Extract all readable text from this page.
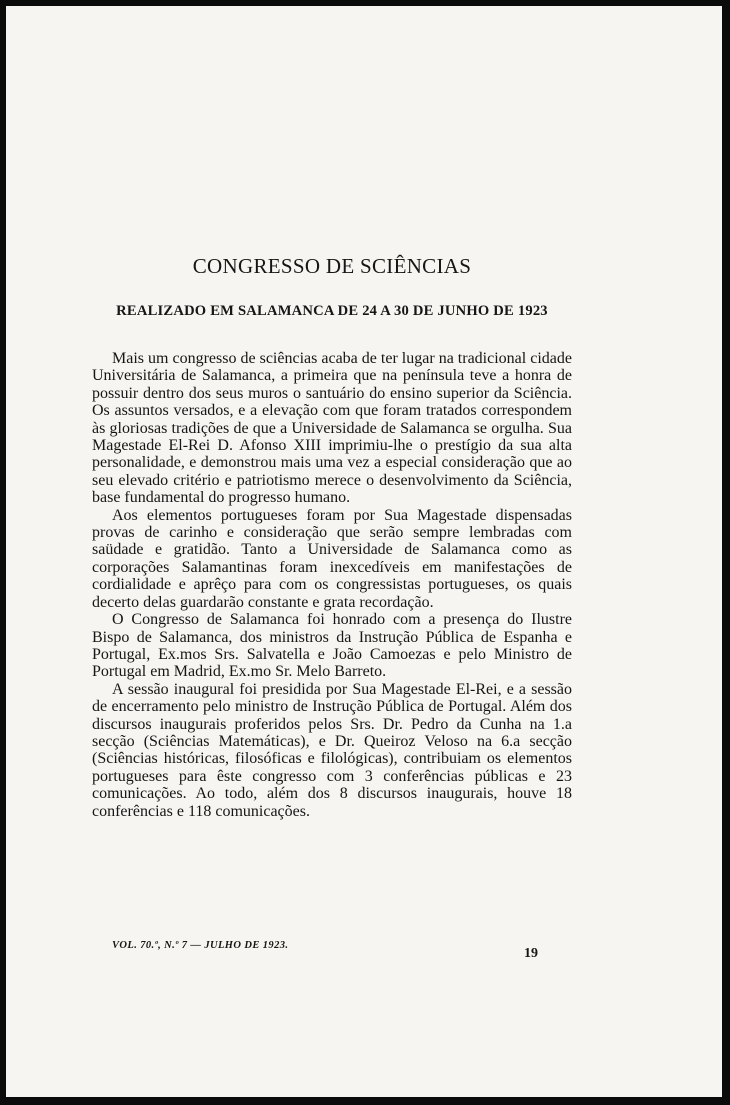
CONGRESSO DE SCIÊNCIAS
REALIZADO EM SALAMANCA DE 24 A 30 DE JUNHO DE 1923

Mais um congresso de sciências acaba de ter lugar na tradicional cidade Universitária de Salamanca, a primeira que na península teve a honra de possuir dentro dos seus muros o santuário do ensino superior da Sciência. Os assuntos versados, e a elevação com que foram tratados correspondem às gloriosas tradições de que a Universidade de Salamanca se orgulha. Sua Magestade El-Rei D. Afonso XIII imprimiu-lhe o prestígio da sua alta personalidade, e demonstrou mais uma vez a especial consideração que ao seu elevado critério e patriotismo merece o desenvolvimento da Sciência, base fundamental do progresso humano.

Aos elementos portugueses foram por Sua Magestade dispensadas provas de carinho e consideração que serão sempre lembradas com saüdade e gratidão. Tanto a Universidade de Salamanca como as corporações Salamantinas foram inexcedíveis em manifestações de cordialidade e aprêço para com os congressistas portugueses, os quais decerto delas guardarão constante e grata recordação.

O Congresso de Salamanca foi honrado com a presença do Ilustre Bispo de Salamanca, dos ministros da Instrução Pública de Espanha e Portugal, Ex.mos Srs. Salvatella e João Camoezas e pelo Ministro de Portugal em Madrid, Ex.mo Sr. Melo Barreto.

A sessão inaugural foi presidida por Sua Magestade El-Rei, e a sessão de encerramento pelo ministro de Instrução Pública de Portugal. Além dos discursos inaugurais proferidos pelos Srs. Dr. Pedro da Cunha na 1.a secção (Sciências Matemáticas), e Dr. Queiroz Veloso na 6.a secção (Sciências históricas, filosóficas e filológicas), contribuiam os elementos portugueses para êste congresso com 3 conferências públicas e 23 comunicações. Ao todo, além dos 8 discursos inaugurais, houve 18 conferências e 118 comunicações.

VOL. 70.º, N.º 7 — JULHO DE 1923.
19
